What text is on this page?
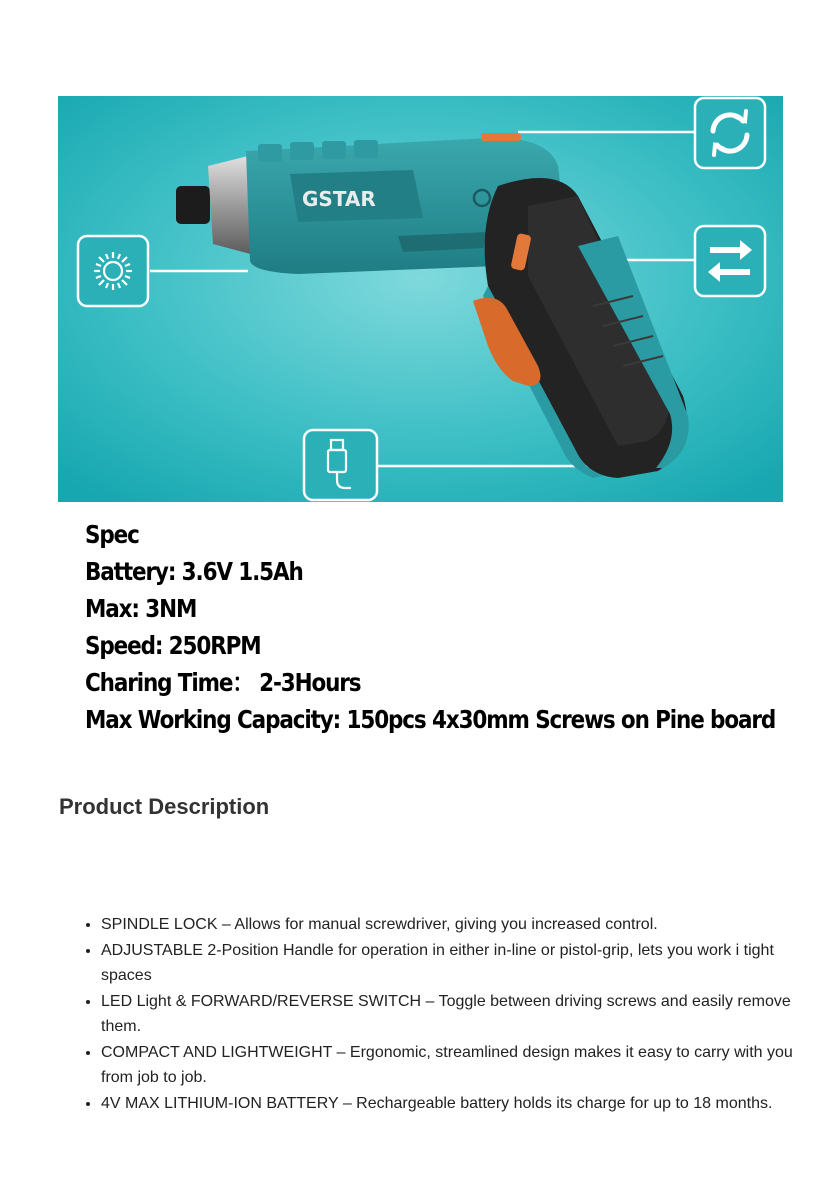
GSTAR
Spec
Battery: 3.6V 1.5Ah
Max: 3NM
Speed: 250RPM
Charing Time： 2-3Hours
Max Working Capacity: 150pcs 4x30mm Screws on Pine board
Product Description
• SPINDLE LOCK – Allows for manual screwdriver, giving you increased control.
• ADJUSTABLE 2-Position Handle for operation in either in-line or pistol-grip, lets you work i tight spaces
• LED Light & FORWARD/REVERSE SWITCH – Toggle between driving screws and easily remove them.
• COMPACT AND LIGHTWEIGHT – Ergonomic, streamlined design makes it easy to carry with you from job to job.
• 4V MAX LITHIUM-ION BATTERY – Rechargeable battery holds its charge for up to 18 months.
